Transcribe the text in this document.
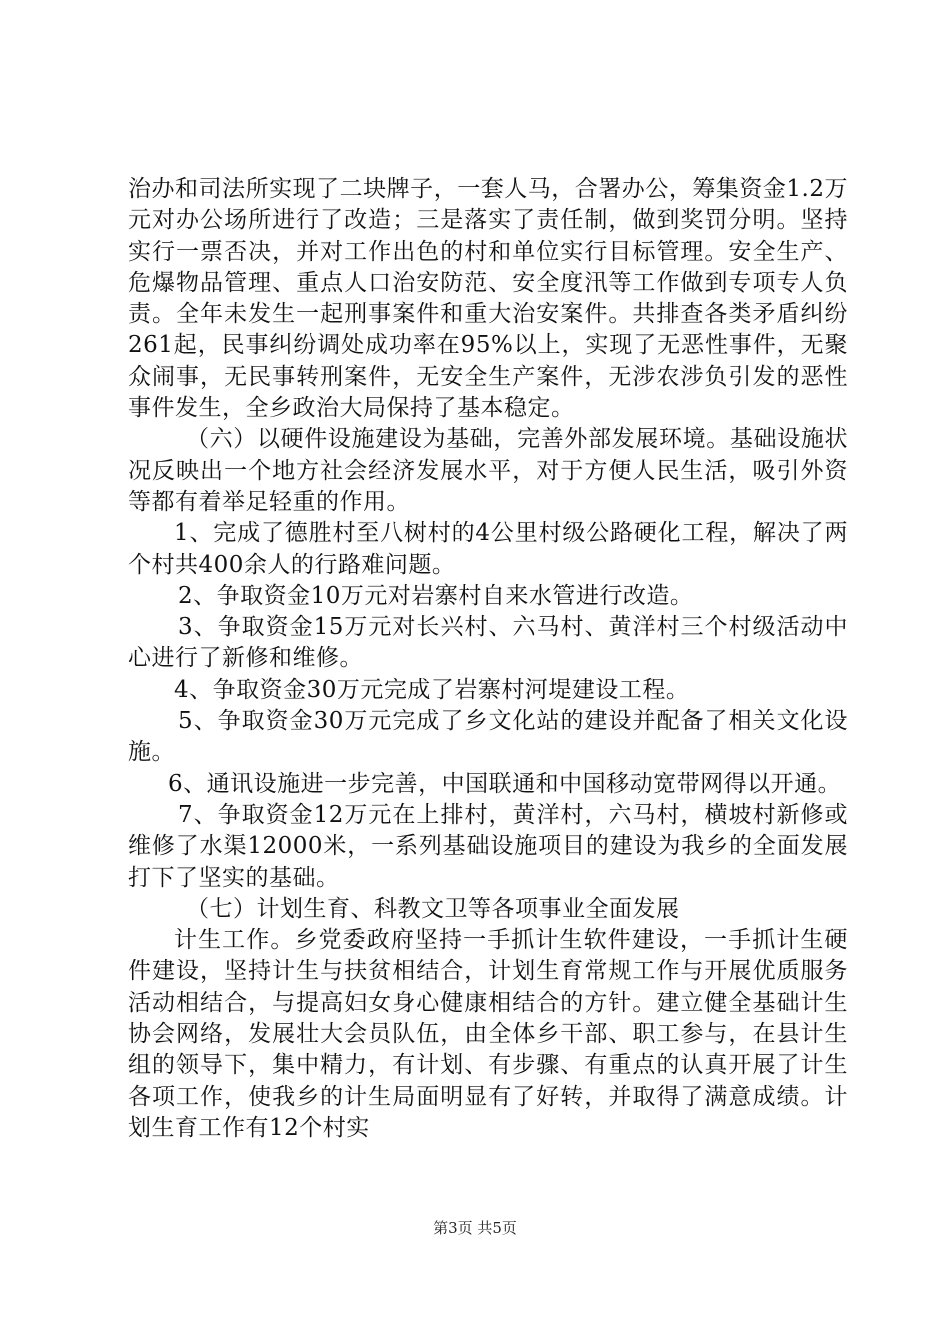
治办和司法所实现了二块牌子，一套人马，合署办公，筹集资金1.2万元对办公场所进行了改造；三是落实了责任制，做到奖罚分明。坚持实行一票否决，并对工作出色的村和单位实行目标管理。安全生产、危爆物品管理、重点人口治安防范、安全度汛等工作做到专项专人负责。全年未发生一起刑事案件和重大治安案件。共排查各类矛盾纠纷261起，民事纠纷调处成功率在95%以上，实现了无恶性事件，无聚众闹事，无民事转刑案件，无安全生产案件，无涉农涉负引发的恶性事件发生，全乡政治大局保持了基本稳定。

（六）以硬件设施建设为基础，完善外部发展环境。基础设施状况反映出一个地方社会经济发展水平，对于方便人民生活，吸引外资等都有着举足轻重的作用。

1、完成了德胜村至八树村的4公里村级公路硬化工程，解决了两个村共400余人的行路难问题。

2、争取资金10万元对岩寨村自来水管进行改造。

3、争取资金15万元对长兴村、六马村、黄洋村三个村级活动中心进行了新修和维修。

4、争取资金30万元完成了岩寨村河堤建设工程。

5、争取资金30万元完成了乡文化站的建设并配备了相关文化设施。

6、通讯设施进一步完善，中国联通和中国移动宽带网得以开通。

7、争取资金12万元在上排村，黄洋村，六马村，横坡村新修或维修了水渠12000米，一系列基础设施项目的建设为我乡的全面发展打下了坚实的基础。

（七）计划生育、科教文卫等各项事业全面发展

计生工作。乡党委政府坚持一手抓计生软件建设，一手抓计生硬件建设，坚持计生与扶贫相结合，计划生育常规工作与开展优质服务活动相结合，与提高妇女身心健康相结合的方针。建立健全基础计生协会网络，发展壮大会员队伍，由全体乡干部、职工参与，在县计生组的领导下，集中精力，有计划、有步骤、有重点的认真开展了计生各项工作，使我乡的计生局面明显有了好转，并取得了满意成绩。计划生育工作有12个村实

第3页 共5页
